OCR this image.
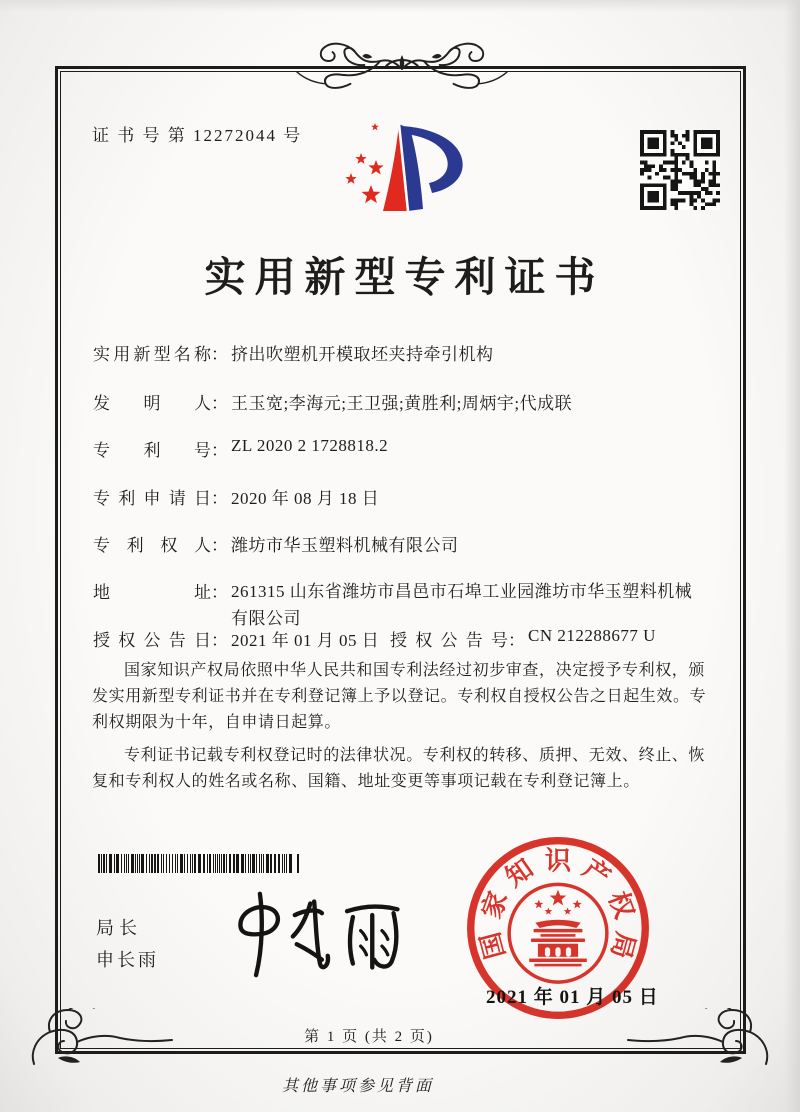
证 书 号 第 12272044 号
实用新型专利证书
实用新型名称： 挤出吹塑机开模取坯夹持牵引机构
发明人： 王玉宽;李海元;王卫强;黄胜利;周炳宇;代成联
专利号： ZL 2020 2 1728818.2
专利申请日： 2020 年 08 月 18 日
专利权人： 潍坊市华玉塑料机械有限公司
地址： 261315 山东省潍坊市昌邑市石埠工业园潍坊市华玉塑料机械有限公司
授权公告日： 2021 年 01 月 05 日 授权公告号： CN 212288677 U

国家知识产权局依照中华人民共和国专利法经过初步审查，决定授予专利权，颁发实用新型专利证书并在专利登记簿上予以登记。专利权自授权公告之日起生效。专利权期限为十年，自申请日起算。

专利证书记载专利权登记时的法律状况。专利权的转移、质押、无效、终止、恢复和专利权人的姓名或名称、国籍、地址变更等事项记载在专利登记簿上。

局长
申长雨	国
家
知 识 产
权
局
2021 年 01 月 05 日
第 1 页 (共 2 页)
其他事项参见背面
